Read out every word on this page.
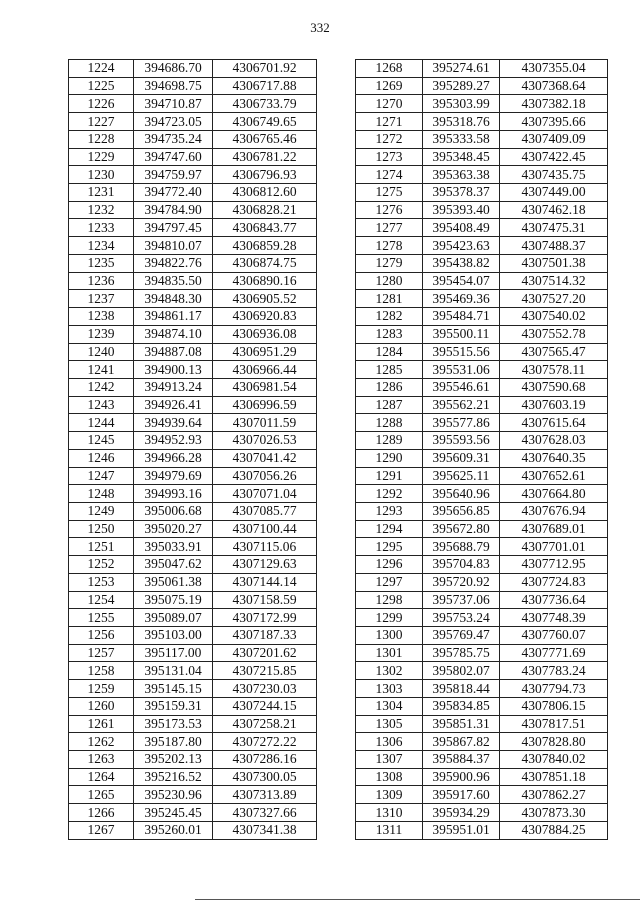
332
1224	394686.70	4306701.92
1225	394698.75	4306717.88
1226	394710.87	4306733.79
1227	394723.05	4306749.65
1228	394735.24	4306765.46
1229	394747.60	4306781.22
1230	394759.97	4306796.93
1231	394772.40	4306812.60
1232	394784.90	4306828.21
1233	394797.45	4306843.77
1234	394810.07	4306859.28
1235	394822.76	4306874.75
1236	394835.50	4306890.16
1237	394848.30	4306905.52
1238	394861.17	4306920.83
1239	394874.10	4306936.08
1240	394887.08	4306951.29
1241	394900.13	4306966.44
1242	394913.24	4306981.54
1243	394926.41	4306996.59
1244	394939.64	4307011.59
1245	394952.93	4307026.53
1246	394966.28	4307041.42
1247	394979.69	4307056.26
1248	394993.16	4307071.04
1249	395006.68	4307085.77
1250	395020.27	4307100.44
1251	395033.91	4307115.06
1252	395047.62	4307129.63
1253	395061.38	4307144.14
1254	395075.19	4307158.59
1255	395089.07	4307172.99
1256	395103.00	4307187.33
1257	395117.00	4307201.62
1258	395131.04	4307215.85
1259	395145.15	4307230.03
1260	395159.31	4307244.15
1261	395173.53	4307258.21
1262	395187.80	4307272.22
1263	395202.13	4307286.16
1264	395216.52	4307300.05
1265	395230.96	4307313.89
1266	395245.45	4307327.66
1267	395260.01	4307341.38
1268	395274.61	4307355.04
1269	395289.27	4307368.64
1270	395303.99	4307382.18
1271	395318.76	4307395.66
1272	395333.58	4307409.09
1273	395348.45	4307422.45
1274	395363.38	4307435.75
1275	395378.37	4307449.00
1276	395393.40	4307462.18
1277	395408.49	4307475.31
1278	395423.63	4307488.37
1279	395438.82	4307501.38
1280	395454.07	4307514.32
1281	395469.36	4307527.20
1282	395484.71	4307540.02
1283	395500.11	4307552.78
1284	395515.56	4307565.47
1285	395531.06	4307578.11
1286	395546.61	4307590.68
1287	395562.21	4307603.19
1288	395577.86	4307615.64
1289	395593.56	4307628.03
1290	395609.31	4307640.35
1291	395625.11	4307652.61
1292	395640.96	4307664.80
1293	395656.85	4307676.94
1294	395672.80	4307689.01
1295	395688.79	4307701.01
1296	395704.83	4307712.95
1297	395720.92	4307724.83
1298	395737.06	4307736.64
1299	395753.24	4307748.39
1300	395769.47	4307760.07
1301	395785.75	4307771.69
1302	395802.07	4307783.24
1303	395818.44	4307794.73
1304	395834.85	4307806.15
1305	395851.31	4307817.51
1306	395867.82	4307828.80
1307	395884.37	4307840.02
1308	395900.96	4307851.18
1309	395917.60	4307862.27
1310	395934.29	4307873.30
1311	395951.01	4307884.25
